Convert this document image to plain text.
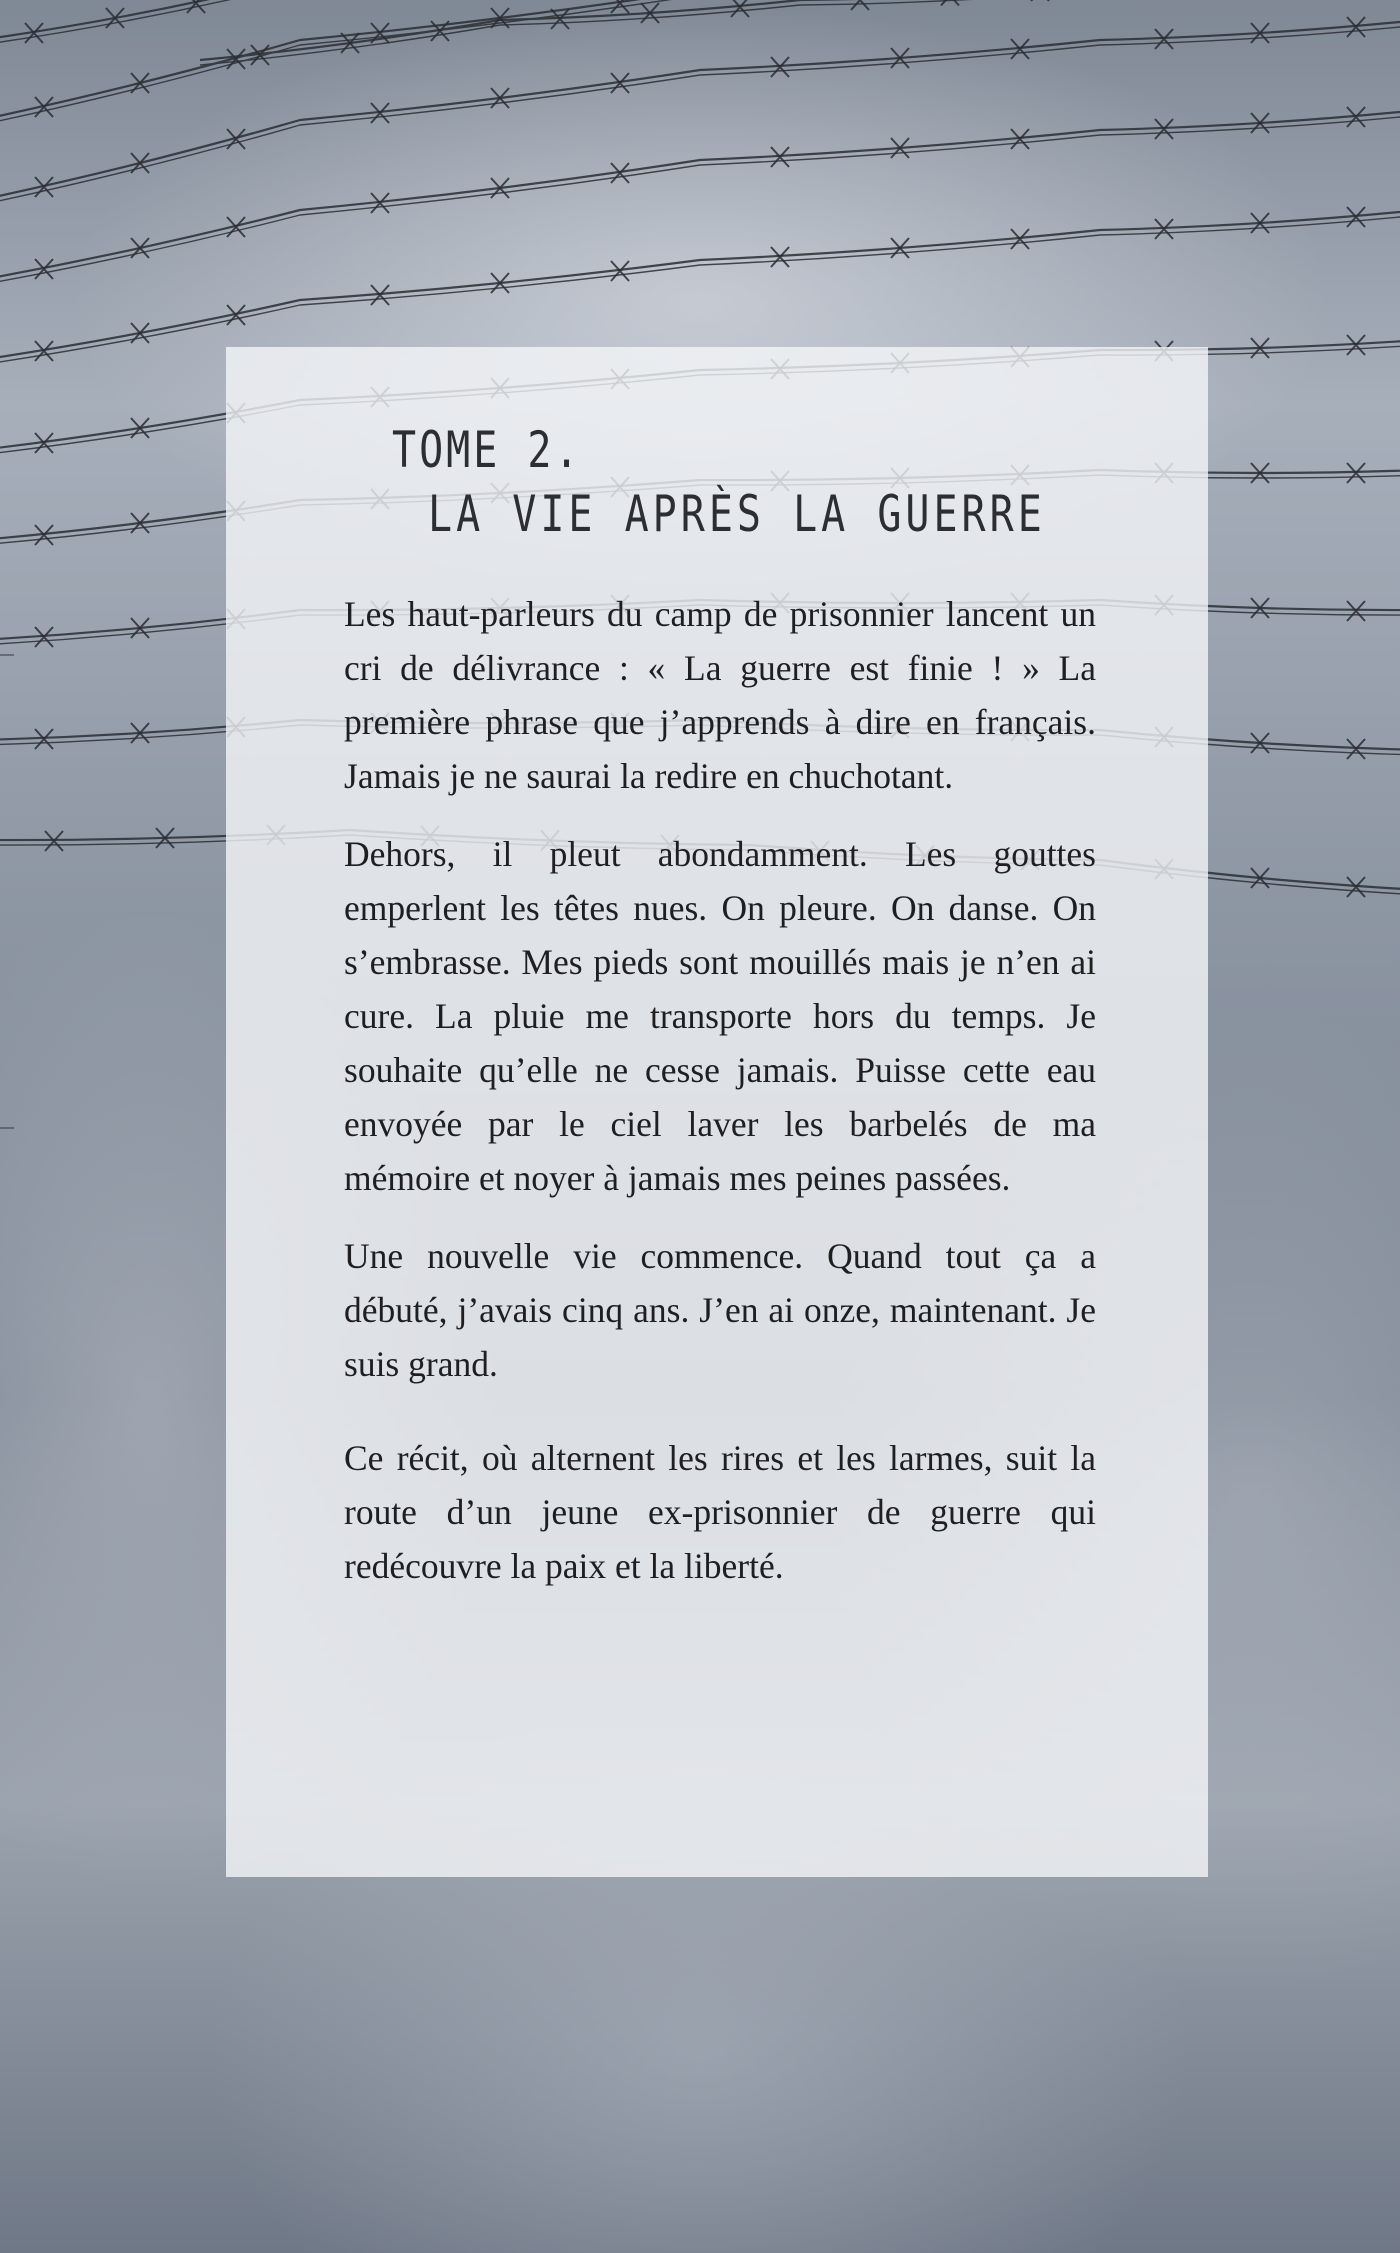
TOME 2.
LA VIE APRÈS LA GUERRE

Les haut-parleurs du camp de prisonnier lancent un cri de délivrance : « La guerre est finie ! » La première phrase que j’apprends à dire en français. Jamais je ne saurai la redire en chuchotant.

Dehors, il pleut abondamment. Les gouttes emperlent les têtes nues. On pleure. On danse. On s’embrasse. Mes pieds sont mouillés mais je n’en ai cure. La pluie me transporte hors du temps. Je souhaite qu’elle ne cesse jamais. Puisse cette eau envoyée par le ciel laver les barbelés de ma mémoire et noyer à jamais mes peines passées.

Une nouvelle vie commence. Quand tout ça a débuté, j’avais cinq ans. J’en ai onze, maintenant. Je suis grand.

Ce récit, où alternent les rires et les larmes, suit la route d’un jeune ex-prisonnier de guerre qui redécouvre la paix et la liberté.
